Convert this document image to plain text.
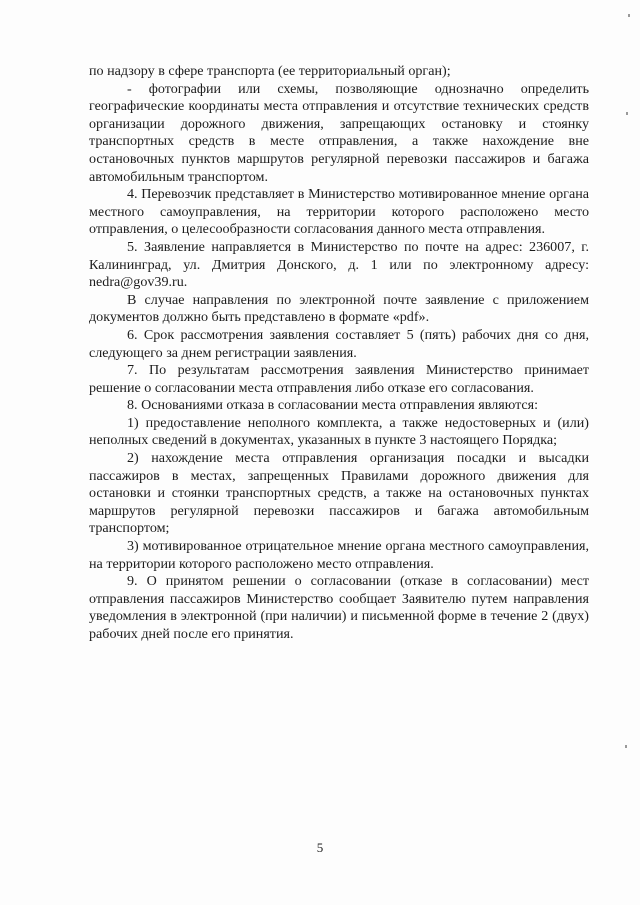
по надзору в сфере транспорта (ее территориальный орган);

- фотографии или схемы, позволяющие однозначно определить географические координаты места отправления и отсутствие технических средств организации дорожного движения, запрещающих остановку и стоянку транспортных средств в месте отправления, а также нахождение вне остановочных пунктов маршрутов регулярной перевозки пассажиров и багажа автомобильным транспортом.

4. Перевозчик представляет в Министерство мотивированное мнение органа местного самоуправления, на территории которого расположено место отправления, о целесообразности согласования данного места отправления.

5. Заявление направляется в Министерство по почте на адрес: 236007, г. Калининград, ул. Дмитрия Донского, д. 1 или по электронному адресу: nedra@gov39.ru.

В случае направления по электронной почте заявление с приложением документов должно быть представлено в формате «pdf».

6. Срок рассмотрения заявления составляет 5 (пять) рабочих дня со дня, следующего за днем регистрации заявления.

7. По результатам рассмотрения заявления Министерство принимает решение о согласовании места отправления либо отказе его согласования.

8. Основаниями отказа в согласовании места отправления являются:

1) предоставление неполного комплекта, а также недостоверных и (или) неполных сведений в документах, указанных в пункте 3 настоящего Порядка;

2) нахождение места отправления организация посадки и высадки пассажиров в местах, запрещенных Правилами дорожного движения для остановки и стоянки транспортных средств, а также на остановочных пунктах маршрутов регулярной перевозки пассажиров и багажа автомобильным транспортом;

3) мотивированное отрицательное мнение органа местного самоуправления, на территории которого расположено место отправления.

9. О принятом решении о согласовании (отказе в согласовании) мест отправления пассажиров Министерство сообщает Заявителю путем направления уведомления в электронной (при наличии) и письменной форме в течение 2 (двух) рабочих дней после его принятия.

5
